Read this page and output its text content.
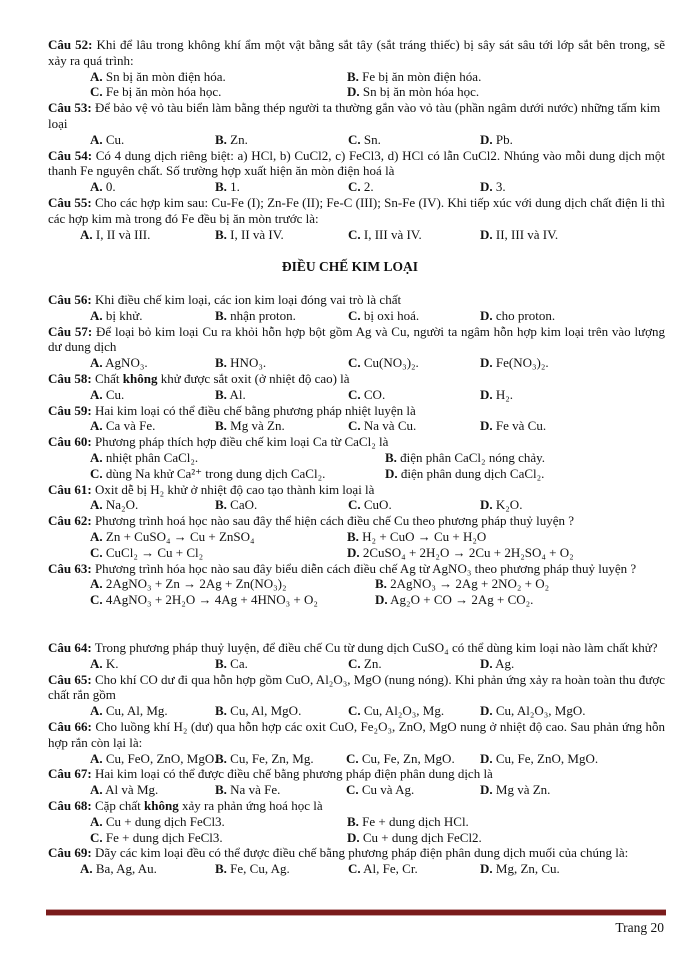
Câu 52: Khi để lâu trong không khí ẩm một vật bằng sắt tây (sắt tráng thiếc) bị sây sát sâu tới lớp sắt bên trong, sẽ xảy ra quá trình:
A. Sn bị ăn mòn điện hóa.	B. Fe bị ăn mòn điện hóa.
C. Fe bị ăn mòn hóa học.	D. Sn bị ăn mòn hóa học.
Câu 53: Để bảo vệ vỏ tàu biển làm bằng thép người ta thường gắn vào vỏ tàu (phần ngâm dưới nước) những tấm kim loại
A. Cu.	B. Zn.	C. Sn.	D. Pb.
Câu 54: Có 4 dung dịch riêng biệt: a) HCl, b) CuCl2, c) FeCl3, d) HCl có lẫn CuCl2. Nhúng vào mỗi dung dịch một thanh Fe nguyên chất. Số trường hợp xuất hiện ăn mòn điện hoá là
A. 0.	B. 1.	C. 2.	D. 3.
Câu 55: Cho các hợp kim sau: Cu-Fe (I); Zn-Fe (II); Fe-C (III); Sn-Fe (IV). Khi tiếp xúc với dung dịch chất điện li thì các hợp kim mà trong đó Fe đều bị ăn mòn trước là:
A. I, II và III.	B. I, II và IV.	C. I, III và IV.	D. II, III và IV.
ĐIỀU CHẾ KIM LOẠI
Câu 56: Khi điều chế kim loại, các ion kim loại đóng vai trò là chất
A. bị khử.	B. nhận proton.	C. bị oxi hoá.	D. cho proton.
Câu 57: Để loại bỏ kim loại Cu ra khỏi hỗn hợp bột gồm Ag và Cu, người ta ngâm hỗn hợp kim loại trên vào lượng dư dung dịch
A. AgNO₃.	B. HNO₃.	C. Cu(NO₃)₂.	D. Fe(NO₃)₂.
Câu 58: Chất không khử được sắt oxit (ở nhiệt độ cao) là
A. Cu.	B. Al.	C. CO.	D. H₂.
Câu 59: Hai kim loại có thể điều chế bằng phương pháp nhiệt luyện là
A. Ca và Fe.	B. Mg và Zn.	C. Na và Cu.	D. Fe và Cu.
Câu 60: Phương pháp thích hợp điều chế kim loại Ca từ CaCl₂ là
A. nhiệt phân CaCl₂.	B. điện phân CaCl₂ nóng chảy.
C. dùng Na khử Ca²⁺ trong dung dịch CaCl₂.	D. điện phân dung dịch CaCl₂.
Câu 61: Oxit dễ bị H₂ khử ở nhiệt độ cao tạo thành kim loại là
A. Na₂O.	B. CaO.	C. CuO.	D. K₂O.
Câu 62: Phương trình hoá học nào sau đây thể hiện cách điều chế Cu theo phương pháp thuỷ luyện ?
A. Zn + CuSO₄ → Cu + ZnSO₄	B. H₂ + CuO → Cu + H₂O
C. CuCl₂ → Cu + Cl₂	D. 2CuSO₄ + 2H₂O → 2Cu + 2H₂SO₄ + O₂
Câu 63: Phương trình hóa học nào sau đây biểu diễn cách điều chế Ag từ AgNO₃ theo phương pháp thuỷ luyện ?
A. 2AgNO₃ + Zn → 2Ag + Zn(NO₃)₂	B. 2AgNO₃ → 2Ag + 2NO₂ + O₂
C. 4AgNO₃ + 2H₂O → 4Ag + 4HNO₃ + O₂	D. Ag₂O + CO → 2Ag + CO₂.
Câu 64: Trong phương pháp thuỷ luyện, để điều chế Cu từ dung dịch CuSO₄ có thể dùng kim loại nào làm chất khử?
A. K.	B. Ca.	C. Zn.	D. Ag.
Câu 65: Cho khí CO dư đi qua hỗn hợp gồm CuO, Al₂O₃, MgO (nung nóng). Khi phản ứng xảy ra hoàn toàn thu được chất rắn gồm
A. Cu, Al, Mg.	B. Cu, Al, MgO.	C. Cu, Al₂O₃, Mg.	D. Cu, Al₂O₃, MgO.
Câu 66: Cho luồng khí H₂ (dư) qua hỗn hợp các oxit CuO, Fe₂O₃, ZnO, MgO nung ở nhiệt độ cao. Sau phản ứng hỗn hợp rắn còn lại là:
A. Cu, FeO, ZnO, MgO.
B. Cu, Fe, Zn, Mg. C. Cu, Fe, Zn, MgO. D. Cu, Fe, ZnO, MgO.
Câu 67: Hai kim loại có thể được điều chế bằng phương pháp điện phân dung dịch là
A. Al và Mg.	B. Na và Fe.	C. Cu và Ag.	D. Mg và Zn.
Câu 68: Cặp chất không xảy ra phản ứng hoá học là
A. Cu + dung dịch FeCl3.	B. Fe + dung dịch HCl.
C. Fe + dung dịch FeCl3.	D. Cu + dung dịch FeCl2.
Câu 69: Dãy các kim loại đều có thể được điều chế bằng phương pháp điện phân dung dịch muối của chúng là:
A. Ba, Ag, Au.	B. Fe, Cu, Ag.	C. Al, Fe, Cr.	D. Mg, Zn, Cu.
Trang 20
